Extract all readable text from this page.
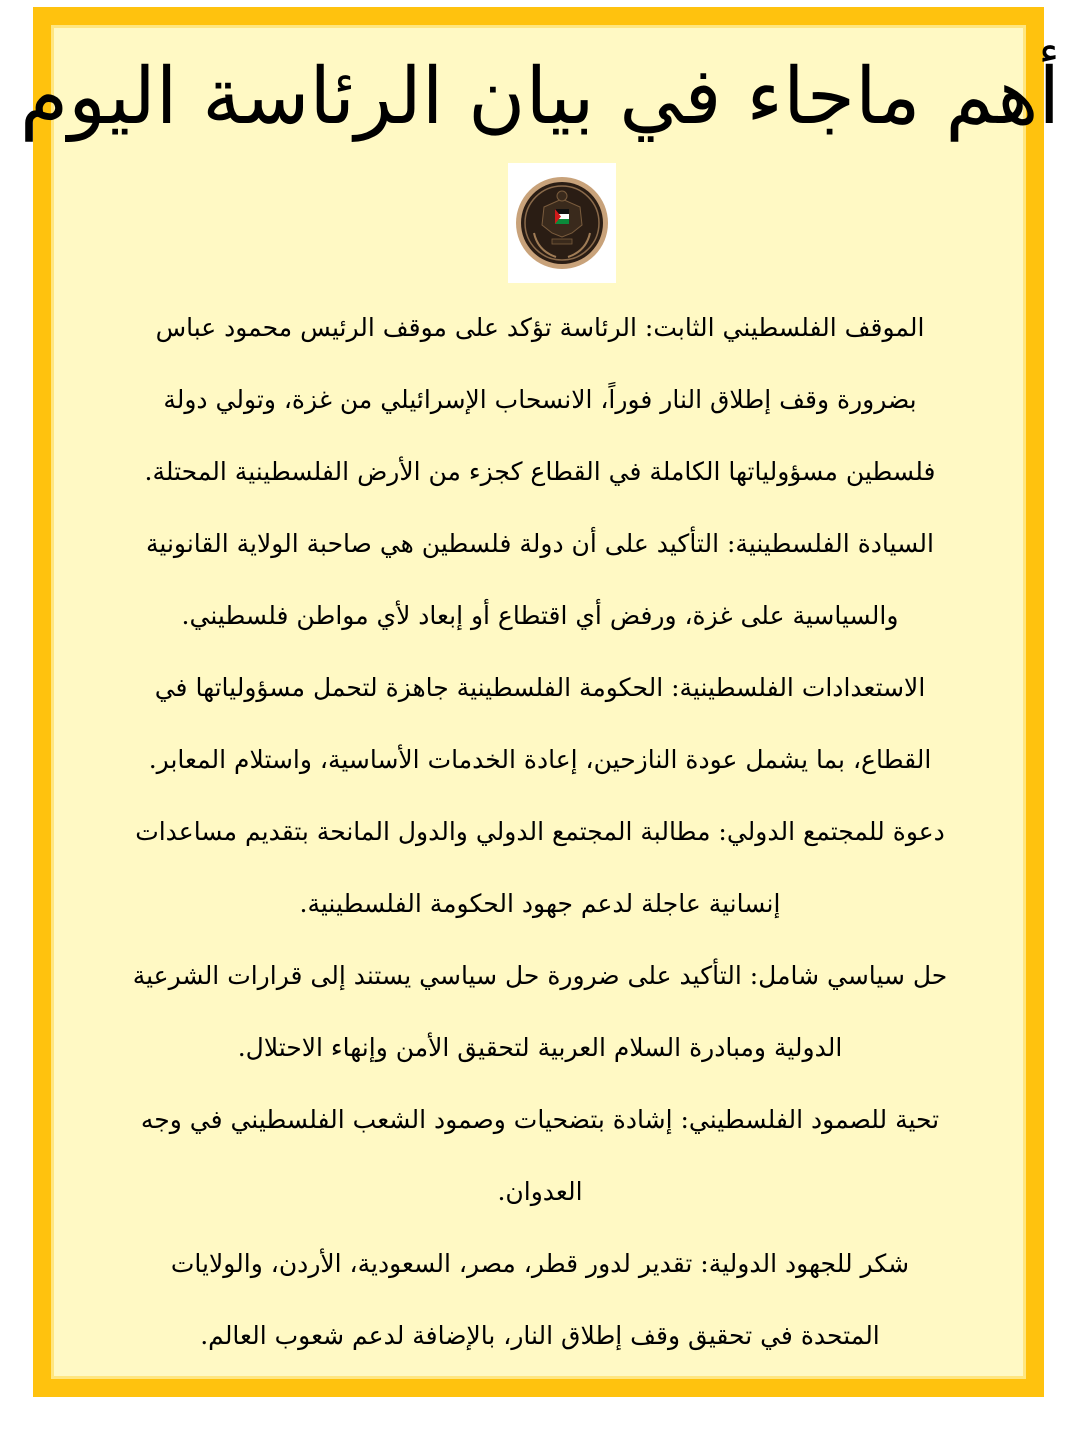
أهم ماجاء في بيان الرئاسة اليوم

الموقف الفلسطيني الثابت: الرئاسة تؤكد على موقف الرئيس محمود عباس بضرورة وقف إطلاق النار فوراً، الانسحاب الإسرائيلي من غزة، وتولي دولة فلسطين مسؤولياتها الكاملة في القطاع كجزء من الأرض الفلسطينية المحتلة.

السيادة الفلسطينية: التأكيد على أن دولة فلسطين هي صاحبة الولاية القانونية والسياسية على غزة، ورفض أي اقتطاع أو إبعاد لأي مواطن فلسطيني.

الاستعدادات الفلسطينية: الحكومة الفلسطينية جاهزة لتحمل مسؤولياتها في القطاع، بما يشمل عودة النازحين، إعادة الخدمات الأساسية، واستلام المعابر.

دعوة للمجتمع الدولي: مطالبة المجتمع الدولي والدول المانحة بتقديم مساعدات إنسانية عاجلة لدعم جهود الحكومة الفلسطينية.

حل سياسي شامل: التأكيد على ضرورة حل سياسي يستند إلى قرارات الشرعية الدولية ومبادرة السلام العربية لتحقيق الأمن وإنهاء الاحتلال.

تحية للصمود الفلسطيني: إشادة بتضحيات وصمود الشعب الفلسطيني في وجه العدوان.

شكر للجهود الدولية: تقدير لدور قطر، مصر، السعودية، الأردن، والولايات المتحدة في تحقيق وقف إطلاق النار، بالإضافة لدعم شعوب العالم.
